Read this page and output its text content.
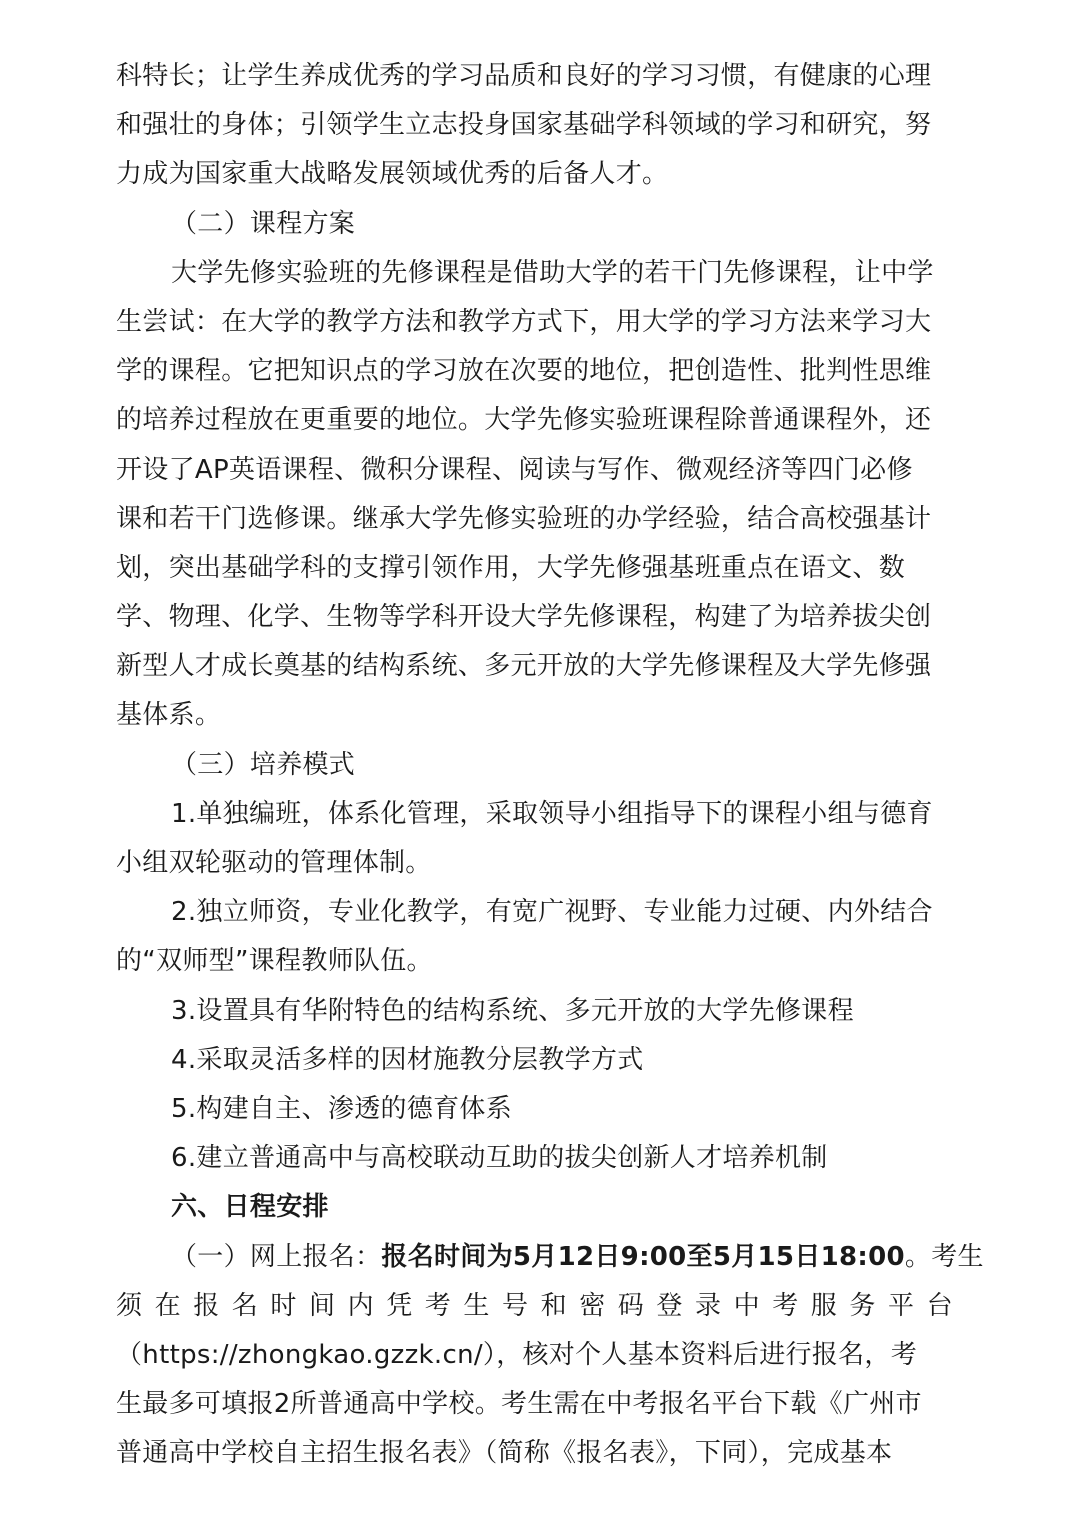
科特长；让学生养成优秀的学习品质和良好的学习习惯，有健康的心理
和强壮的身体；引领学生立志投身国家基础学科领域的学习和研究，努
力成为国家重大战略发展领域优秀的后备人才。
（二）课程方案
大学先修实验班的先修课程是借助大学的若干门先修课程，让中学
生尝试：在大学的教学方法和教学方式下，用大学的学习方法来学习大
学的课程。它把知识点的学习放在次要的地位，把创造性、批判性思维
的培养过程放在更重要的地位。大学先修实验班课程除普通课程外，还
开设了AP英语课程、微积分课程、阅读与写作、微观经济等四门必修
课和若干门选修课。继承大学先修实验班的办学经验，结合高校强基计
划，突出基础学科的支撑引领作用，大学先修强基班重点在语文、数
学、物理、化学、生物等学科开设大学先修课程，构建了为培养拔尖创
新型人才成长奠基的结构系统、多元开放的大学先修课程及大学先修强
基体系。
（三）培养模式
1.单独编班，体系化管理，采取领导小组指导下的课程小组与德育
小组双轮驱动的管理体制。
2.独立师资，专业化教学，有宽广视野、专业能力过硬、内外结合
的“双师型”课程教师队伍。
3.设置具有华附特色的结构系统、多元开放的大学先修课程
4.采取灵活多样的因材施教分层教学方式
5.构建自主、渗透的德育体系
6.建立普通高中与高校联动互助的拔尖创新人才培养机制
六、日程安排
（一）网上报名：报名时间为5月12日9:00至5月15日18:00。考生
须在报名时间内凭考生号和密码登录中考服务平台
（https://zhongkao.gzzk.cn/），核对个人基本资料后进行报名，考
生最多可填报2所普通高中学校。考生需在中考报名平台下载《广州市
普通高中学校自主招生报名表》（简称《报名表》，下同），完成基本
